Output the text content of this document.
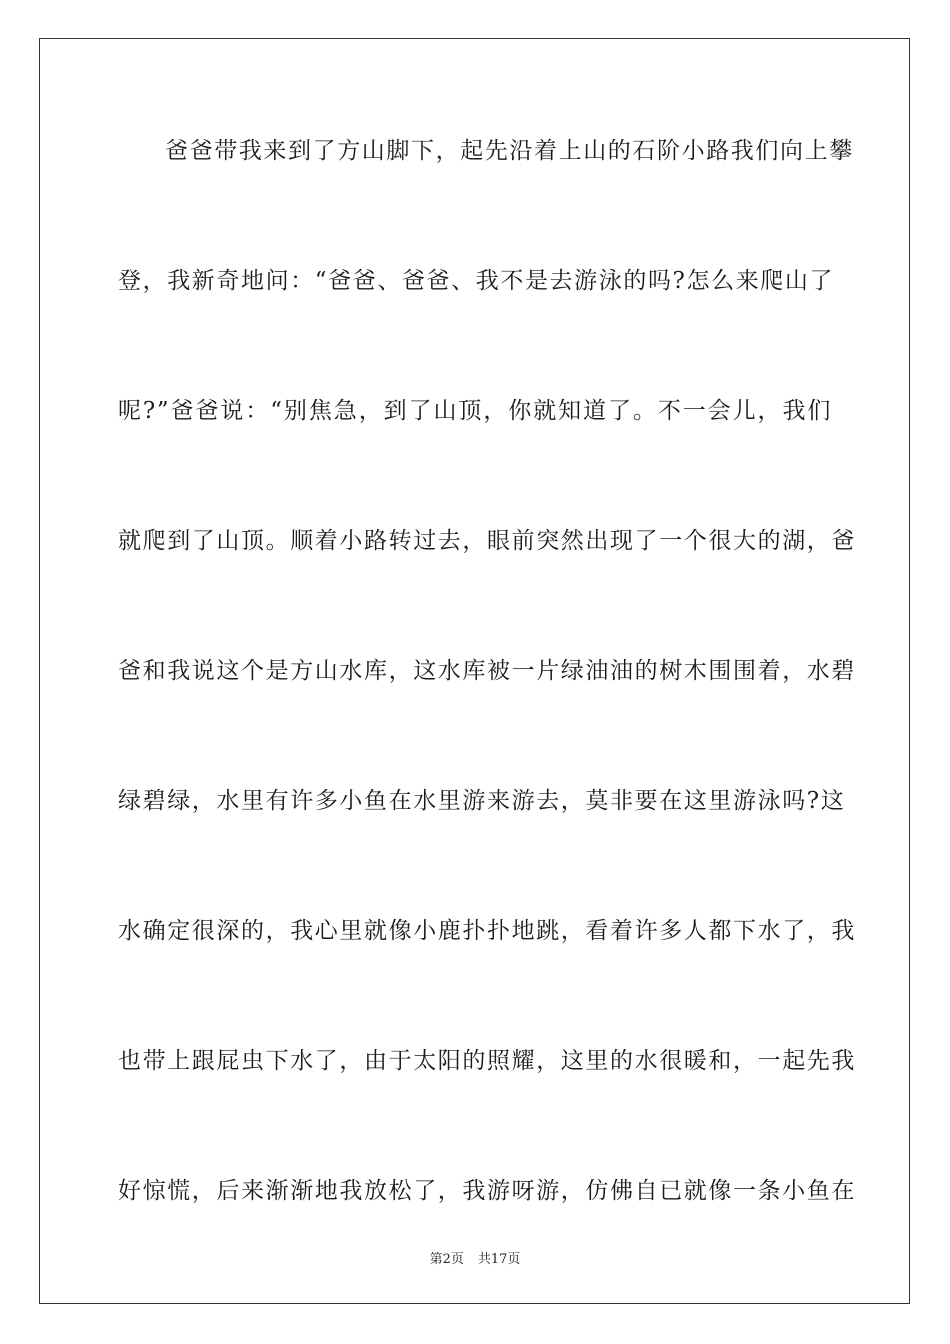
爸爸带我来到了方山脚下，起先沿着上山的石阶小路我们向上攀
登，我新奇地问：“爸爸、爸爸、我不是去游泳的吗?怎么来爬山了
呢?”爸爸说：“别焦急，到了山顶，你就知道了。不一会儿，我们
就爬到了山顶。顺着小路转过去，眼前突然出现了一个很大的湖，爸
爸和我说这个是方山水库，这水库被一片绿油油的树木围围着，水碧
绿碧绿，水里有许多小鱼在水里游来游去，莫非要在这里游泳吗?这
水确定很深的，我心里就像小鹿扑扑地跳，看着许多人都下水了，我
也带上跟屁虫下水了，由于太阳的照耀，这里的水很暖和，一起先我
好惊慌，后来渐渐地我放松了，我游呀游，仿佛自已就像一条小鱼在
第2页 共17页
